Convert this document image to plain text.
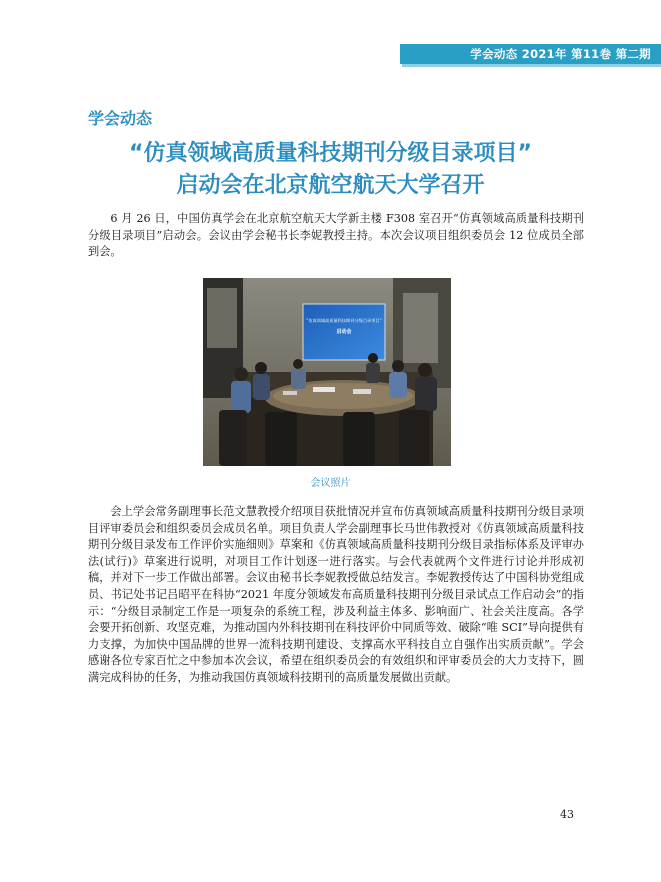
学会动态 2021年 第11卷 第二期
学会动态
“仿真领域高质量科技期刊分级目录项目”
启动会在北京航空航天大学召开

6 月 26 日，中国仿真学会在北京航空航天大学新主楼 F308 室召开“仿真领域高质量科技期刊分级目录项目”启动会。会议由学会秘书长李妮教授主持。本次会议项目组织委员会 12 位成员全部到会。

“仿真领域高质量科技期刊分级目录项目”
启动会
会议照片

会上学会常务副理事长范文慧教授介绍项目获批情况并宣布仿真领域高质量科技期刊分级目录项目评审委员会和组织委员会成员名单。项目负责人学会副理事长马世伟教授对《仿真领域高质量科技期刊分级目录发布工作评价实施细则》草案和《仿真领域高质量科技期刊分级目录指标体系及评审办法(试行)》草案进行说明，对项目工作计划逐一进行落实。与会代表就两个文件进行讨论并形成初稿，并对下一步工作做出部署。会议由秘书长李妮教授做总结发言。李妮教授传达了中国科协党组成员、书记处书记吕昭平在科协“2021 年度分领域发布高质量科技期刊分级目录试点工作启动会”的指示：“分级目录制定工作是一项复杂的系统工程，涉及利益主体多、影响面广、社会关注度高。各学会要开拓创新、攻坚克难，为推动国内外科技期刊在科技评价中同质等效、破除“唯 SCI”导向提供有力支撑，为加快中国品牌的世界一流科技期刊建设、支撑高水平科技自立自强作出实质贡献”。学会感谢各位专家百忙之中参加本次会议，希望在组织委员会的有效组织和评审委员会的大力支持下，圆满完成科协的任务，为推动我国仿真领域科技期刊的高质量发展做出贡献。

43
